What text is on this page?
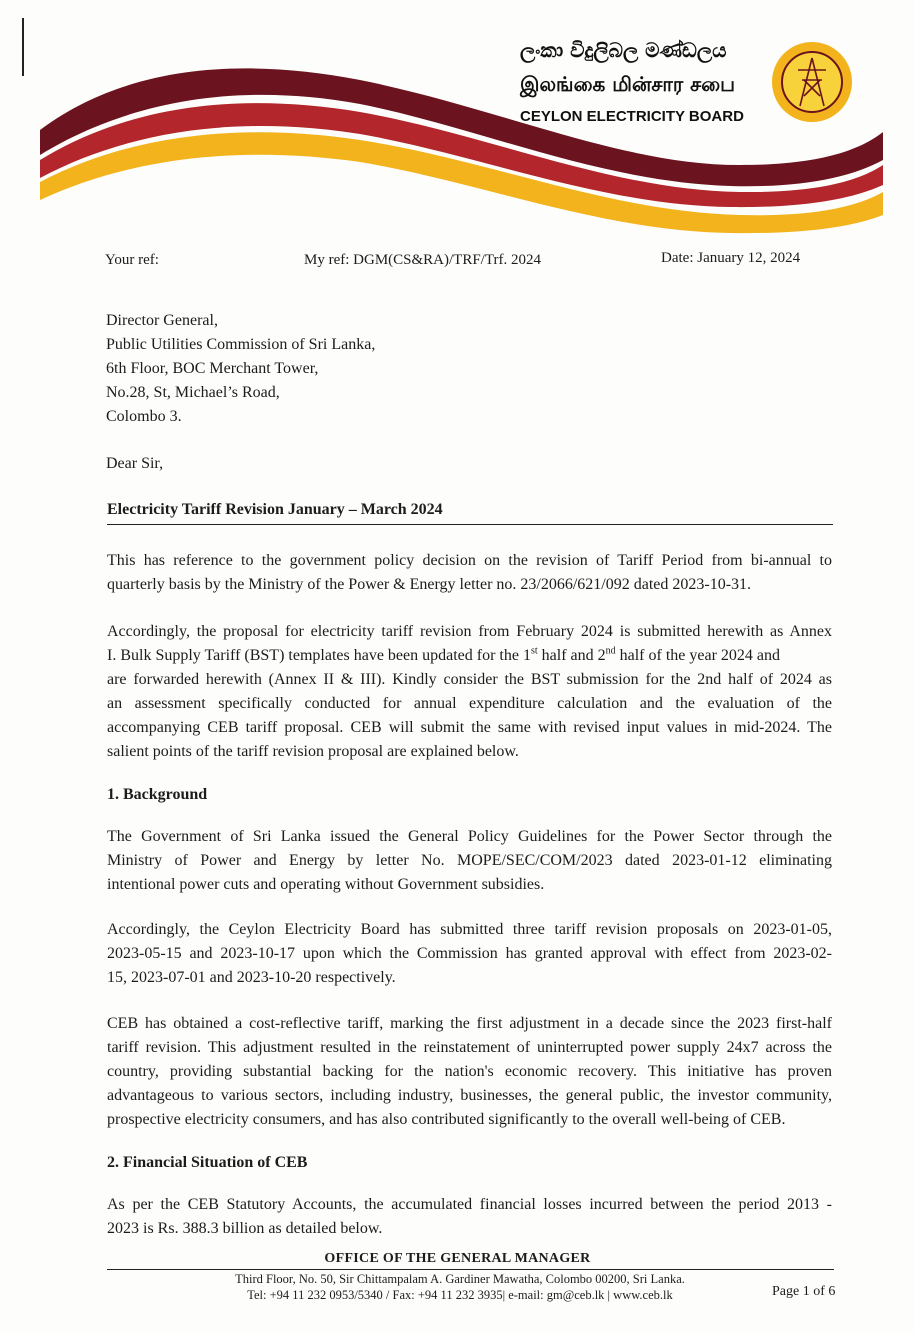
ලංකා විදුලිබල මණ්ඩලය
இலங்கை மின்சார சபை
CEYLON ELECTRICITY BOARD
Your ref:	My ref: DGM(CS&RA)/TRF/Trf. 2024	Date: January 12, 2024
Director General,
Public Utilities Commission of Sri Lanka,
6th Floor, BOC Merchant Tower,
No.28, St, Michael’s Road,
Colombo 3.
Dear Sir,
Electricity Tariff Revision January – March 2024
This has reference to the government policy decision on the revision of Tariff Period from bi-annual to
quarterly basis by the Ministry of the Power & Energy letter no. 23/2066/621/092 dated 2023-10-31.
Accordingly, the proposal for electricity tariff revision from February 2024 is submitted herewith as Annex
I. Bulk Supply Tariff (BST) templates have been updated for the 1st half and 2nd half of the year 2024 and
are forwarded herewith (Annex II & III). Kindly consider the BST submission for the 2nd half of 2024 as
an assessment specifically conducted for annual expenditure calculation and the evaluation of the
accompanying CEB tariff proposal. CEB will submit the same with revised input values in mid-2024. The
salient points of the tariff revision proposal are explained below.
1. Background
The Government of Sri Lanka issued the General Policy Guidelines for the Power Sector through the
Ministry of Power and Energy by letter No. MOPE/SEC/COM/2023 dated 2023-01-12 eliminating
intentional power cuts and operating without Government subsidies.
Accordingly, the Ceylon Electricity Board has submitted three tariff revision proposals on 2023-01-05,
2023-05-15 and 2023-10-17 upon which the Commission has granted approval with effect from 2023-02-
15, 2023-07-01 and 2023-10-20 respectively.
CEB has obtained a cost-reflective tariff, marking the first adjustment in a decade since the 2023 first-half
tariff revision. This adjustment resulted in the reinstatement of uninterrupted power supply 24x7 across the
country, providing substantial backing for the nation's economic recovery. This initiative has proven
advantageous to various sectors, including industry, businesses, the general public, the investor community,
prospective electricity consumers, and has also contributed significantly to the overall well-being of CEB.
2. Financial Situation of CEB
As per the CEB Statutory Accounts, the accumulated financial losses incurred between the period 2013 -
2023 is Rs. 388.3 billion as detailed below.
OFFICE OF THE GENERAL MANAGER
Third Floor, No. 50, Sir Chittampalam A. Gardiner Mawatha, Colombo 00200, Sri Lanka.
Tel: +94 11 232 0953/5340 / Fax: +94 11 232 3935| e-mail: gm@ceb.lk | www.ceb.lk	Page 1 of 6
